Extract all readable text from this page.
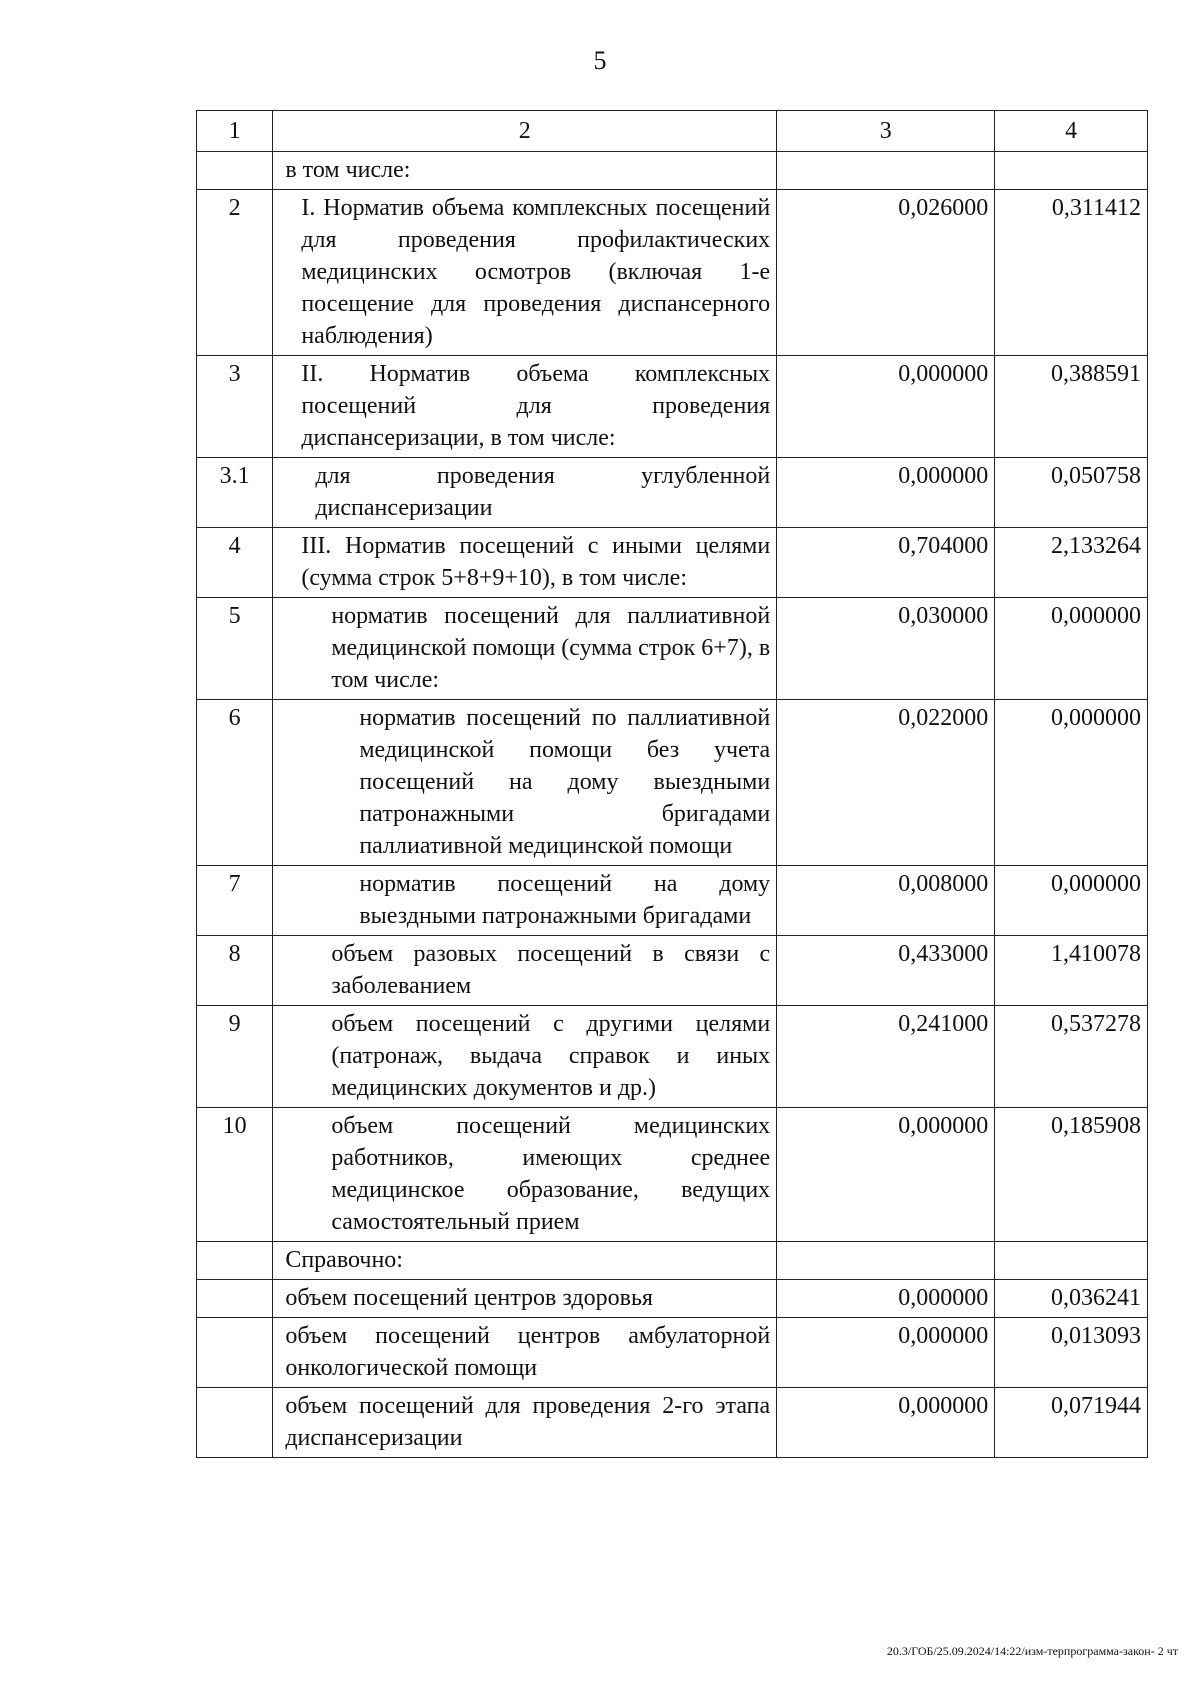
5
1	2	3	4
	в том числе:		
2	I. Норматив объема комплексных посещений для проведения профилактических медицинских осмотров (включая 1-е посещение для проведения диспансерного наблюдения)	0,026000	0,311412
3	II. Норматив объема комплексных посещений для проведения диспансеризации, в том числе:	0,000000	0,388591
3.1	для проведения углубленной диспансеризации	0,000000	0,050758
4	III. Норматив посещений с иными целями (сумма строк 5+8+9+10), в том числе:	0,704000	2,133264
5	норматив посещений для паллиативной медицинской помощи (сумма строк 6+7), в том числе:	0,030000	0,000000
6	норматив посещений по паллиативной медицинской помощи без учета посещений на дому выездными патронажными бригадами паллиативной медицинской помощи	0,022000	0,000000
7	норматив посещений на дому выездными патронажными бригадами	0,008000	0,000000
8	объем разовых посещений в связи с заболеванием	0,433000	1,410078
9	объем посещений с другими целями (патронаж, выдача справок и иных медицинских документов и др.)	0,241000	0,537278
10	объем посещений медицинских работников, имеющих среднее медицинское образование, ведущих самостоятельный прием	0,000000	0,185908
	Справочно:		
	объем посещений центров здоровья	0,000000	0,036241
	объем посещений центров амбулаторной онкологической помощи	0,000000	0,013093
	объем посещений для проведения 2-го этапа диспансеризации	0,000000	0,071944
20.3/ГОБ/25.09.2024/14:22/изм-терпрограмма-закон- 2 чт
